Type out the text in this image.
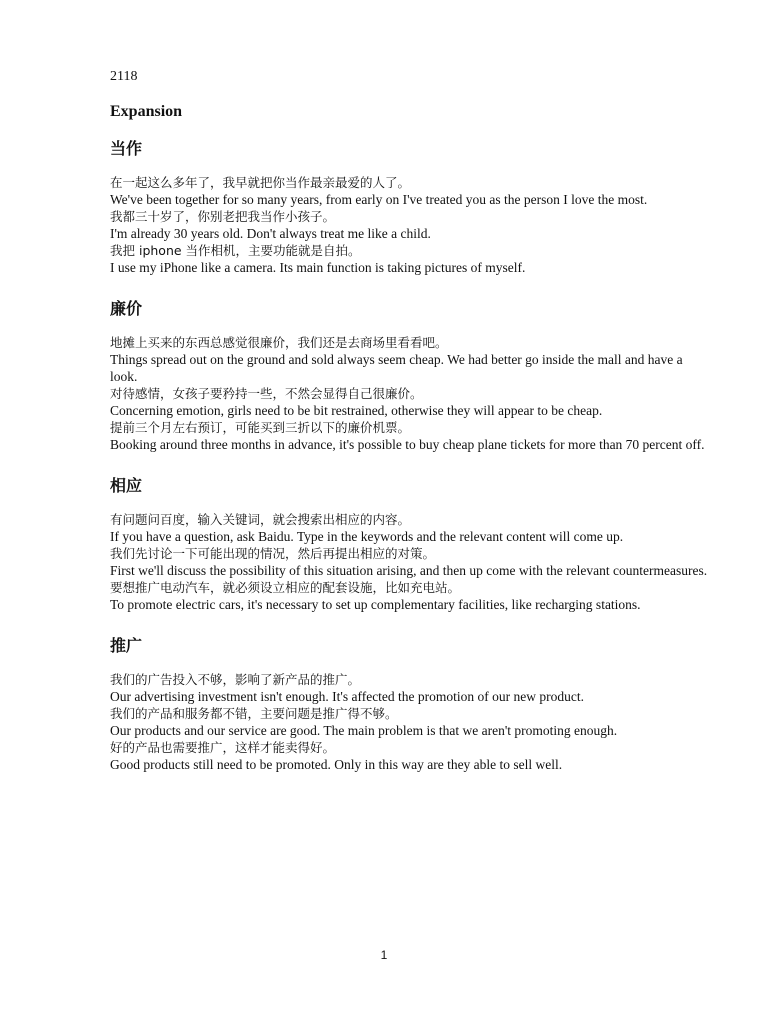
2118

Expansion
当作

在一起这么多年了，我早就把你当作最亲最爱的人了。

We've been together for so many years, from early on I've treated you as the person I love the most.

我都三十岁了，你别老把我当作小孩子。

I'm already 30 years old. Don't always treat me like a child.

我把 iphone 当作相机，主要功能就是自拍。

I use my iPhone like a camera. Its main function is taking pictures of myself.

廉价

地摊上买来的东西总感觉很廉价，我们还是去商场里看看吧。

Things spread out on the ground and sold always seem cheap. We had better go inside the mall and have a look.

对待感情，女孩子要矜持一些，不然会显得自己很廉价。

Concerning emotion, girls need to be bit restrained, otherwise they will appear to be cheap.

提前三个月左右预订，可能买到三折以下的廉价机票。

Booking around three months in advance, it's possible to buy cheap plane tickets for more than 70 percent off.

相应

有问题问百度，输入关键词，就会搜索出相应的内容。

If you have a question, ask Baidu. Type in the keywords and the relevant content will come up.

我们先讨论一下可能出现的情况，然后再提出相应的对策。

First we'll discuss the possibility of this situation arising, and then up come with the relevant countermeasures.

要想推广电动汽车，就必须设立相应的配套设施，比如充电站。

To promote electric cars, it's necessary to set up complementary facilities, like recharging stations.

推广

我们的广告投入不够，影响了新产品的推广。

Our advertising investment isn't enough. It's affected the promotion of our new product.

我们的产品和服务都不错，主要问题是推广得不够。

Our products and our service are good. The main problem is that we aren't promoting enough.

好的产品也需要推广，这样才能卖得好。

Good products still need to be promoted. Only in this way are they able to sell well.

1
